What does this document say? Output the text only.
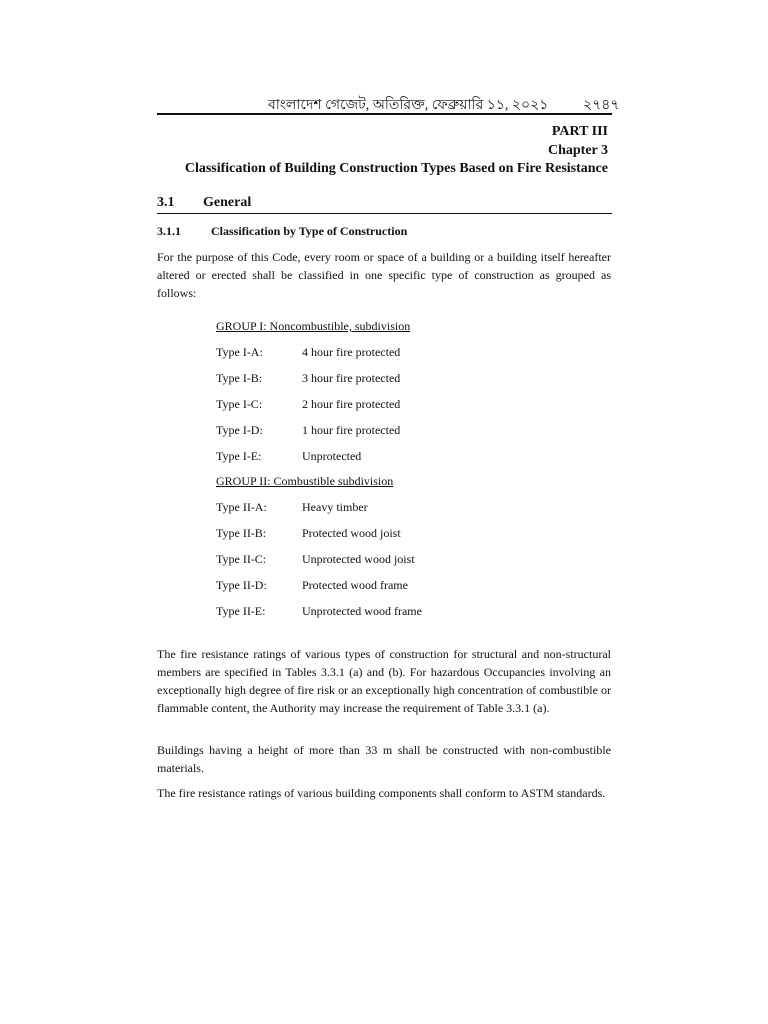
বাংলাদেশ গেজেট, অতিরিক্ত, ফেব্রুয়ারি ১১, ২০২১ ২৭৪৭
PART III
Chapter 3
Classification of Building Construction Types Based on Fire Resistance
3.1 General
3.1.1	Classification by Type of Construction

For the purpose of this Code, every room or space of a building or a building itself hereafter altered or erected shall be classified in one specific type of construction as grouped as follows:

GROUP I: Noncombustible, subdivision
Type I-A:	4 hour fire protected
Type I-B:	3 hour fire protected
Type I-C:	2 hour fire protected
Type I-D:	1 hour fire protected
Type I-E:	Unprotected
GROUP II: Combustible subdivision
Type II-A:	Heavy timber
Type II-B:	Protected wood joist
Type II-C:	Unprotected wood joist
Type II-D:	Protected wood frame
Type II-E:	Unprotected wood frame

The fire resistance ratings of various types of construction for structural and non-structural members are specified in Tables 3.3.1 (a) and (b). For hazardous Occupancies involving an exceptionally high degree of fire risk or an exceptionally high concentration of combustible or flammable content, the Authority may increase the requirement of Table 3.3.1 (a).

Buildings having a height of more than 33 m shall be constructed with non-combustible materials.

The fire resistance ratings of various building components shall conform to ASTM standards.
